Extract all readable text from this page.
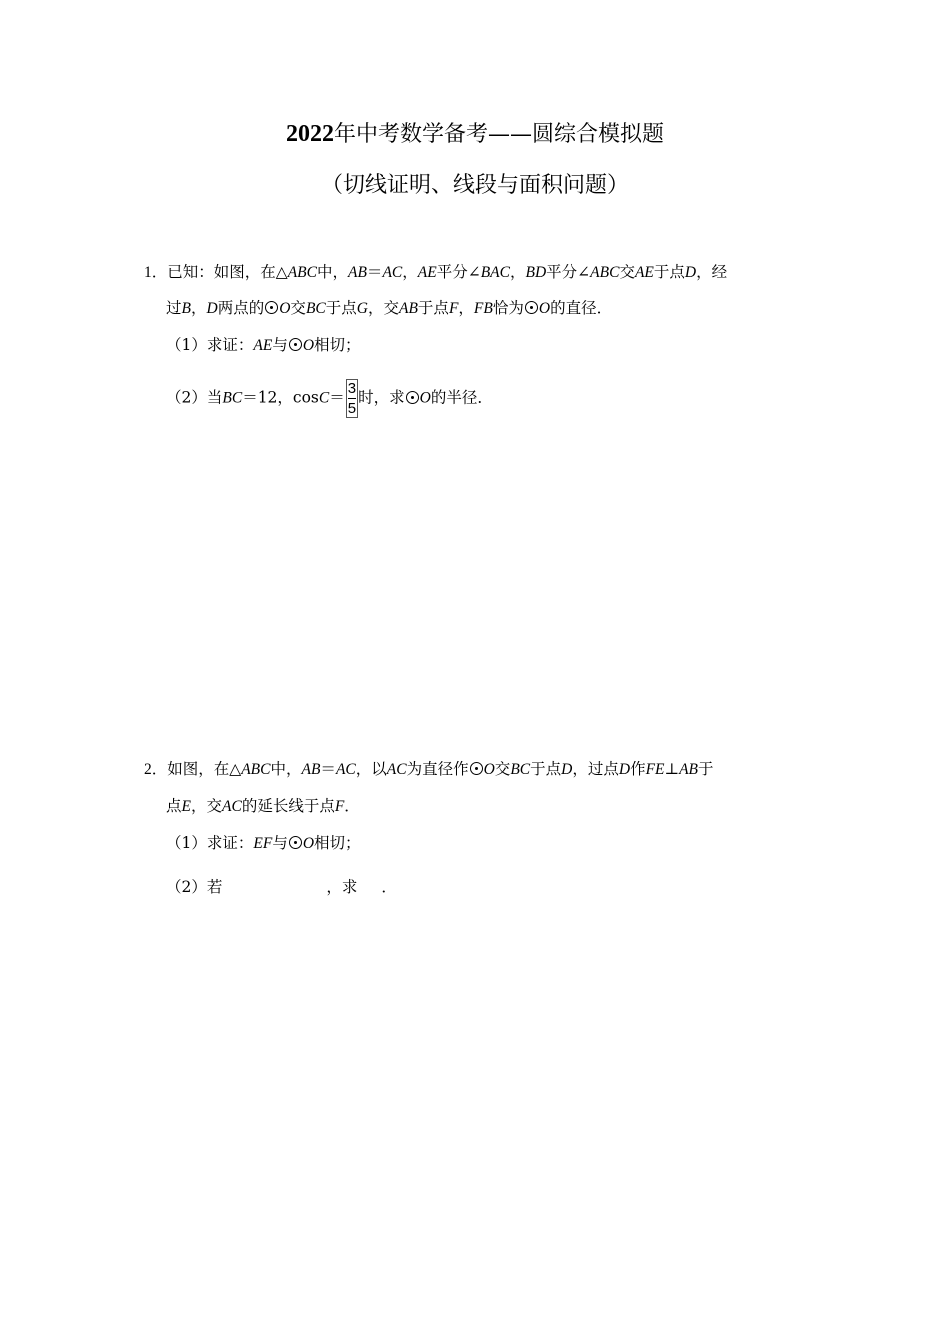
2022年中考数学备考——圆综合模拟题
（切线证明、线段与面积问题）
1．已知：如图，在△ABC中，AB＝AC，AE平分∠BAC，BD平分∠ABC交AE于点D，经
过B，D两点的 O交BC于点G，交AB于点F，FB恰为 O的直径．
（1）求证：AE与 O相切；
（2）当BC＝12，$\cos C= \frac{3}{5}$ 时，求 O的半径．
2．如图，在△ABC中，AB＝AC，以AC为直径作 O交BC于点D，过点D作FE⊥AB于
点E，交AC的延长线于点F．
（1）求证：EF与 O相切；
（2）若	，求 ．
